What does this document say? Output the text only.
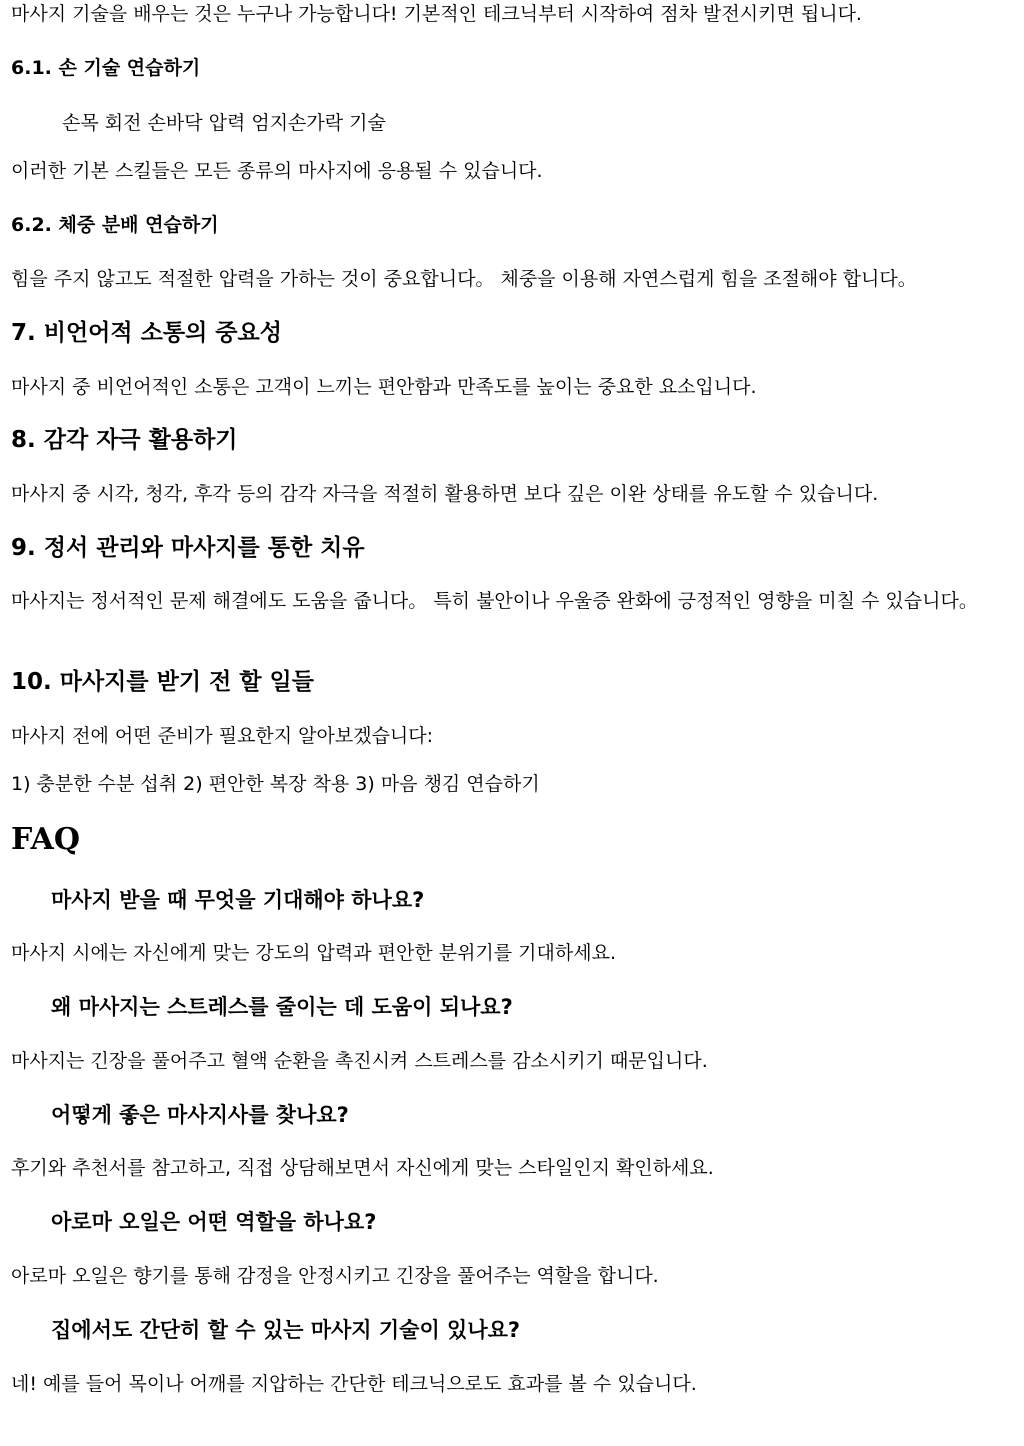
마사지 기술을 배우는 것은 누구나 가능합니다! 기본적인 테크닉부터 시작하여 점차 발전시키면 됩니다.

6.1. 손 기술 연습하기

손목 회전 손바닥 압력 엄지손가락 기술

이러한 기본 스킬들은 모든 종류의 마사지에 응용될 수 있습니다.

6.2. 체중 분배 연습하기

힘을 주지 않고도 적절한 압력을 가하는 것이 중요합니다。 체중을 이용해 자연스럽게 힘을 조절해야 합니다。

7. 비언어적 소통의 중요성

마사지 중 비언어적인 소통은 고객이 느끼는 편안함과 만족도를 높이는 중요한 요소입니다.

8. 감각 자극 활용하기

마사지 중 시각, 청각, 후각 등의 감각 자극을 적절히 활용하면 보다 깊은 이완 상태를 유도할 수 있습니다.

9. 정서 관리와 마사지를 통한 치유

마사지는 정서적인 문제 해결에도 도움을 줍니다。 특히 불안이나 우울증 완화에 긍정적인 영향을 미칠 수 있습니다。

10. 마사지를 받기 전 할 일들

마사지 전에 어떤 준비가 필요한지 알아보겠습니다:

1) 충분한 수분 섭취 2) 편안한 복장 착용 3) 마음 챙김 연습하기

FAQ
마사지 받을 때 무엇을 기대해야 하나요?

마사지 시에는 자신에게 맞는 강도의 압력과 편안한 분위기를 기대하세요.

왜 마사지는 스트레스를 줄이는 데 도움이 되나요?

마사지는 긴장을 풀어주고 혈액 순환을 촉진시켜 스트레스를 감소시키기 때문입니다.

어떻게 좋은 마사지사를 찾나요?

후기와 추천서를 참고하고, 직접 상담해보면서 자신에게 맞는 스타일인지 확인하세요.

아로마 오일은 어떤 역할을 하나요?

아로마 오일은 향기를 통해 감정을 안정시키고 긴장을 풀어주는 역할을 합니다.

집에서도 간단히 할 수 있는 마사지 기술이 있나요?

네! 예를 들어 목이나 어깨를 지압하는 간단한 테크닉으로도 효과를 볼 수 있습니다.
